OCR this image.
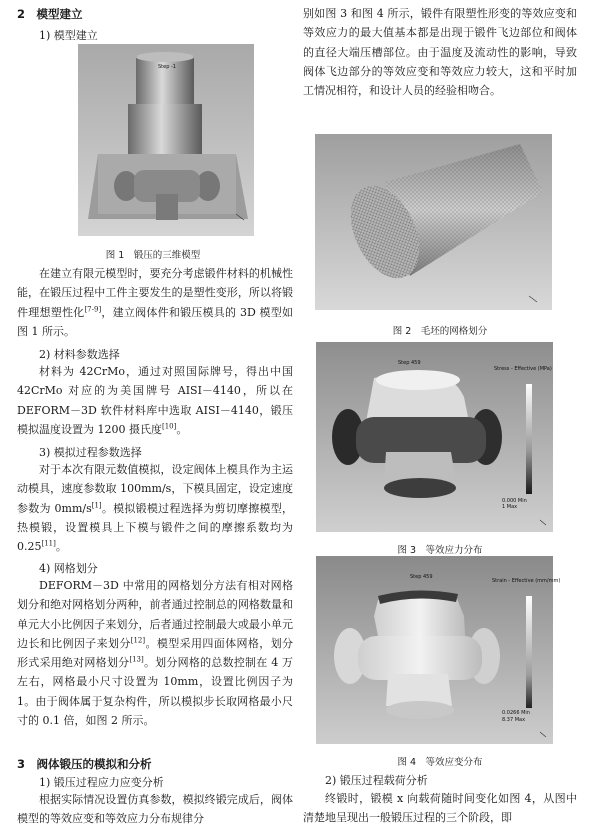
2　模型建立
1) 模型建立
Step -1
图 1　锻压的三维模型

在建立有限元模型时，要充分考虑锻件材料的机械性能，在锻压过程中工件主要发生的是塑性变形，所以将锻件理想塑性化[7-9]，建立阀体件和锻压模具的 3D 模型如图 1 所示。

2) 材料参数选择

材料为 42CrMo，通过对照国际牌号，得出中国 42CrMo 对应的为美国牌号 AISI－4140，所以在 DEFORM－3D 软件材料库中选取 AISI－4140，锻压模拟温度设置为 1200 摄氏度[10]。

3) 模拟过程参数选择

对于本次有限元数值模拟，设定阀体上模具作为主运动模具，速度参数取 100mm/s，下模具固定，设定速度参数为 0mm/s[1]。模拟锻模过程选择为剪切摩擦模型，热模锻，设置模具上下模与锻件之间的摩擦系数均为 0.25[11]。

4) 网格划分

DEFORM－3D 中常用的网格划分方法有相对网格划分和绝对网格划分两种，前者通过控制总的网格数量和单元大小比例因子来划分，后者通过控制最大或最小单元边长和比例因子来划分[12]。模型采用四面体网格，划分形式采用绝对网格划分[13]。划分网格的总数控制在 4 万左右，网格最小尺寸设置为 10mm，设置比例因子为 1。由于阀体属于复杂构件，所以模拟步长取网格最小尺寸的 0.1 倍，如图 2 所示。

3　阀体锻压的模拟和分析
1) 锻压过程应力应变分析

根据实际情况设置仿真参数，模拟终锻完成后，阀体模型的等效应变和等效应力分布规律分

别如图 3 和图 4 所示，锻件有限塑性形变的等效应变和等效应力的最大值基本都是出现于锻件飞边部位和阀体的直径大端压槽部位。由于温度及流动性的影响，导致阀体飞边部分的等效应变和等效应力较大，这和平时加工情况相符，和设计人员的经验相吻合。

图 2　毛坯的网格划分
Step 459
Stress - Effective (MPa)
0.000 Min
1 Max
图 3　等效应力分布
Step 459
Strain - Effective (mm/mm)
0.0266 Min
8.37 Max
图 4　等效应变分布
2) 锻压过程载荷分析

终锻时，锻模 x 向载荷随时间变化如图 4，从图中清楚地呈现出一般锻压过程的三个阶段，即
